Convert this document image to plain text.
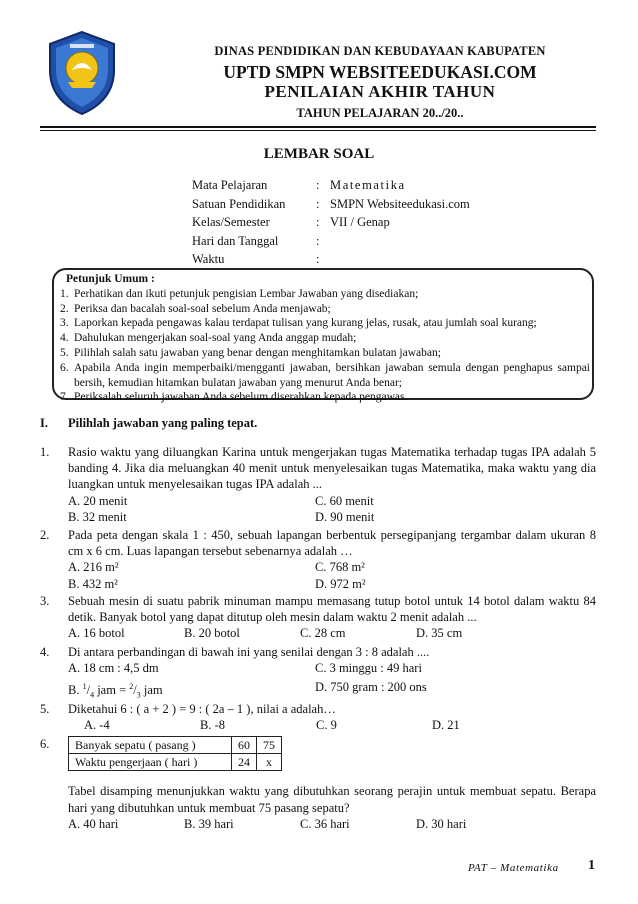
DINAS PENDIDIKAN DAN KEBUDAYAAN KABUPATEN
UPTD SMPN WEBSITEEDUKASI.COM
PENILAIAN AKHIR TAHUN
TAHUN PELAJARAN 20../20..
LEMBAR SOAL
Mata Pelajaran	: Matematika
Satuan Pendidikan	: SMPN Websiteedukasi.com
Kelas/Semester	: VII / Genap
Hari dan Tanggal	:
Waktu	:
Petunjuk Umum :
1. Perhatikan dan ikuti petunjuk pengisian Lembar Jawaban yang disediakan;
2. Periksa dan bacalah soal-soal sebelum Anda menjawab;
3. Laporkan kepada pengawas kalau terdapat tulisan yang kurang jelas, rusak, atau jumlah soal kurang;
4. Dahulukan mengerjakan soal-soal yang Anda anggap mudah;
5. Pilihlah salah satu jawaban yang benar dengan menghitamkan bulatan jawaban;
6. Apabila Anda ingin memperbaiki/mengganti jawaban, bersihkan jawaban semula dengan penghapus sampai bersih, kemudian hitamkan bulatan jawaban yang menurut Anda benar;
7. Periksalah seluruh jawaban Anda sebelum diserahkan kepada pengawas.
I.	Pilihlah jawaban yang paling tepat.
1.	Rasio waktu yang diluangkan Karina untuk mengerjakan tugas Matematika terhadap tugas IPA adalah 5 banding 4. Jika dia meluangkan 40 menit untuk menyelesaikan tugas Matematika, maka waktu yang dia luangkan untuk menyelesaikan tugas IPA adalah ...
A. 20 menit	C. 60 menit
B. 32 menit	D. 90 menit
2.	Pada peta dengan skala 1 : 450, sebuah lapangan berbentuk persegipanjang tergambar dalam ukuran 8 cm x 6 cm. Luas lapangan tersebut sebenarnya adalah …
A. 216 m²	C. 768 m²
B. 432 m²	D. 972 m²
3.	Sebuah mesin di suatu pabrik minuman mampu memasang tutup botol untuk 14 botol dalam waktu 84 detik. Banyak botol yang dapat ditutup oleh mesin dalam waktu 2 menit adalah ...
A. 16 botol	B. 20 botol	C. 28 cm	D. 35 cm
4.	Di antara perbandingan di bawah ini yang senilai dengan 3 : 8 adalah ....
A. 18 cm : 4,5 dm	C. 3 minggu : 49 hari
B. $^1/_4$ jam = $^2/_3$ jam	D. 750 gram : 200 ons
5.	Diketahui 6 : ( a + 2 ) = 9 : ( 2a – 1 ), nilai a adalah…
A. -4	B. -8	C. 9	D. 21
6.	Banyak sepatu ( pasang )	60	75
Waktu pengerjaan ( hari )	24	x
Tabel disamping menunjukkan waktu yang dibutuhkan seorang perajin untuk membuat sepatu. Berapa hari yang dibutuhkan untuk membuat 75 pasang sepatu?
A. 40 hari	B. 39 hari	C. 36 hari	D. 30 hari
PAT – Matematika 1
